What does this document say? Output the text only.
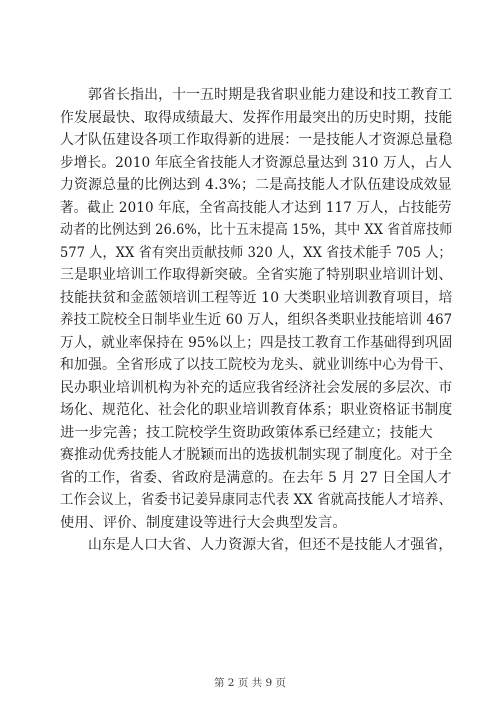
　　郭省长指出，十一五时期是我省职业能力建设和技工教育工
作发展最快、取得成绩最大、发挥作用最突出的历史时期，技能
人才队伍建设各项工作取得新的进展：一是技能人才资源总量稳
步增长。2010 年底全省技能人才资源总量达到 310 万人，占人
力资源总量的比例达到 4.3%；二是高技能人才队伍建设成效显
著。截止 2010 年底，全省高技能人才达到 117 万人，占技能劳
动者的比例达到 26.6%，比十五末提高 15%，其中 XX 省首席技师
577 人，XX 省有突出贡献技师 320 人，XX 省技术能手 705 人；
三是职业培训工作取得新突破。全省实施了特别职业培训计划、
技能扶贫和金蓝领培训工程等近 10 大类职业培训教育项目，培
养技工院校全日制毕业生近 60 万人，组织各类职业技能培训 467
万人，就业率保持在 95%以上；四是技工教育工作基础得到巩固
和加强。全省形成了以技工院校为龙头、就业训练中心为骨干、
民办职业培训机构为补充的适应我省经济社会发展的多层次、市
场化、规范化、社会化的职业培训教育体系；职业资格证书制度
进一步完善；技工院校学生资助政策体系已经建立；技能大
赛推动优秀技能人才脱颖而出的选拔机制实现了制度化。对于全
省的工作，省委、省政府是满意的。在去年 5 月 27 日全国人才
工作会议上，省委书记姜异康同志代表 XX 省就高技能人才培养、
使用、评价、制度建设等进行大会典型发言。
　　山东是人口大省、人力资源大省，但还不是技能人才强省，
第 2 页 共 9 页
